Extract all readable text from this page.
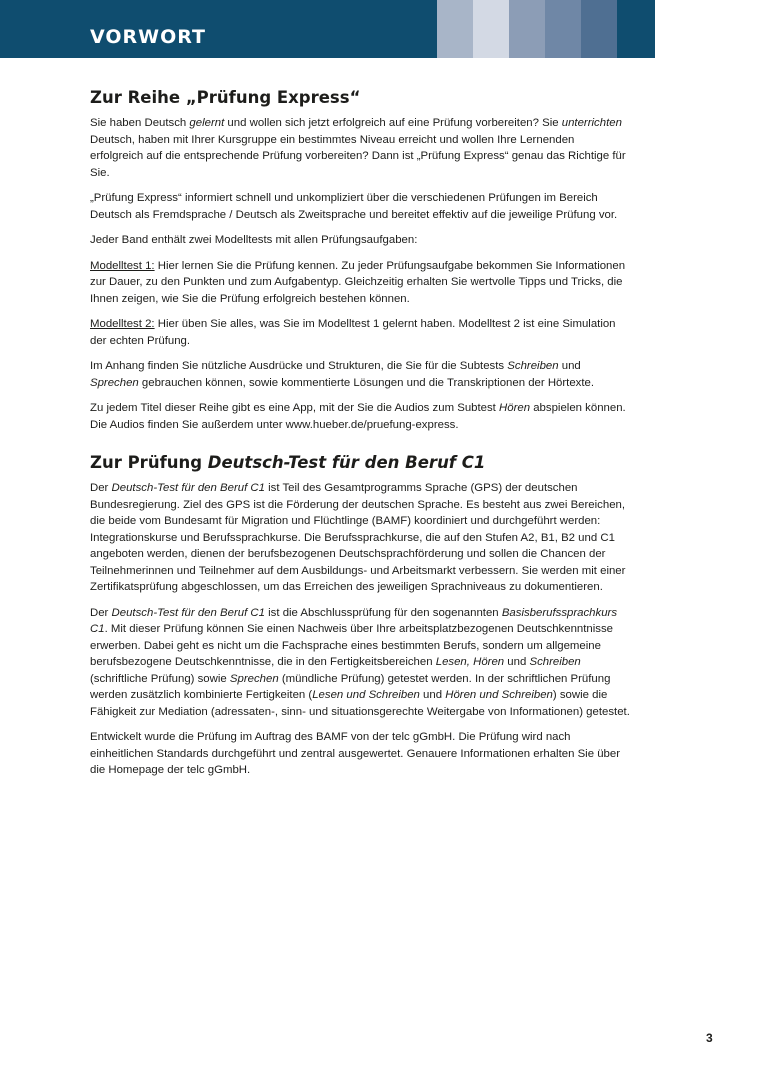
VORWORT
Zur Reihe „Prüfung Express“

Sie haben Deutsch gelernt und wollen sich jetzt erfolgreich auf eine Prüfung vorbereiten? Sie unterrichten Deutsch, haben mit Ihrer Kursgruppe ein bestimmtes Niveau erreicht und wollen Ihre Lernenden erfolgreich auf die entsprechende Prüfung vorbereiten? Dann ist „Prüfung Express“ genau das Richtige für Sie.

„Prüfung Express“ informiert schnell und unkompliziert über die verschiedenen Prüfungen im Bereich Deutsch als Fremdsprache / Deutsch als Zweitsprache und bereitet effektiv auf die jeweilige Prüfung vor.

Jeder Band enthält zwei Modelltests mit allen Prüfungsaufgaben:

Modelltest 1: Hier lernen Sie die Prüfung kennen. Zu jeder Prüfungsaufgabe bekommen Sie Informationen zur Dauer, zu den Punkten und zum Aufgabentyp. Gleichzeitig erhalten Sie wertvolle Tipps und Tricks, die Ihnen zeigen, wie Sie die Prüfung erfolgreich bestehen können.

Modelltest 2: Hier üben Sie alles, was Sie im Modelltest 1 gelernt haben. Modelltest 2 ist eine Simulation der echten Prüfung.

Im Anhang finden Sie nützliche Ausdrücke und Strukturen, die Sie für die Subtests Schreiben und Sprechen gebrauchen können, sowie kommentierte Lösungen und die Transkriptionen der Hörtexte.

Zu jedem Titel dieser Reihe gibt es eine App, mit der Sie die Audios zum Subtest Hören abspielen können. Die Audios finden Sie außerdem unter www.hueber.de/pruefung-express.

Zur Prüfung Deutsch-Test für den Beruf C1

Der Deutsch-Test für den Beruf C1 ist Teil des Gesamtprogramms Sprache (GPS) der deutschen Bundesregierung. Ziel des GPS ist die Förderung der deutschen Sprache. Es besteht aus zwei Bereichen, die beide vom Bundesamt für Migration und Flüchtlinge (BAMF) koordiniert und durchgeführt werden: Integrationskurse und Berufssprachkurse. Die Berufssprachkurse, die auf den Stufen A2, B1, B2 und C1 angeboten werden, dienen der berufsbezogenen Deutschsprachförderung und sollen die Chancen der Teilnehmerinnen und Teilnehmer auf dem Ausbildungs- und Arbeitsmarkt verbessern. Sie werden mit einer Zertifikatsprüfung abgeschlossen, um das Erreichen des jeweiligen Sprachniveaus zu dokumentieren.

Der Deutsch-Test für den Beruf C1 ist die Abschlussprüfung für den sogenannten Basisberufssprachkurs C1. Mit dieser Prüfung können Sie einen Nachweis über Ihre arbeitsplatzbezogenen Deutschkenntnisse erwerben. Dabei geht es nicht um die Fachsprache eines bestimmten Berufs, sondern um allgemeine berufsbezogene Deutschkenntnisse, die in den Fertigkeitsbereichen Lesen, Hören und Schreiben (schriftliche Prüfung) sowie Sprechen (mündliche Prüfung) getestet werden. In der schriftlichen Prüfung werden zusätzlich kombinierte Fertigkeiten (Lesen und Schreiben und Hören und Schreiben) sowie die Fähigkeit zur Mediation (adressaten-, sinn- und situationsgerechte Weitergabe von Informationen) getestet.

Entwickelt wurde die Prüfung im Auftrag des BAMF von der telc gGmbH. Die Prüfung wird nach einheitlichen Standards durchgeführt und zentral ausgewertet. Genauere Informationen erhalten Sie über die Homepage der telc gGmbH.

3
